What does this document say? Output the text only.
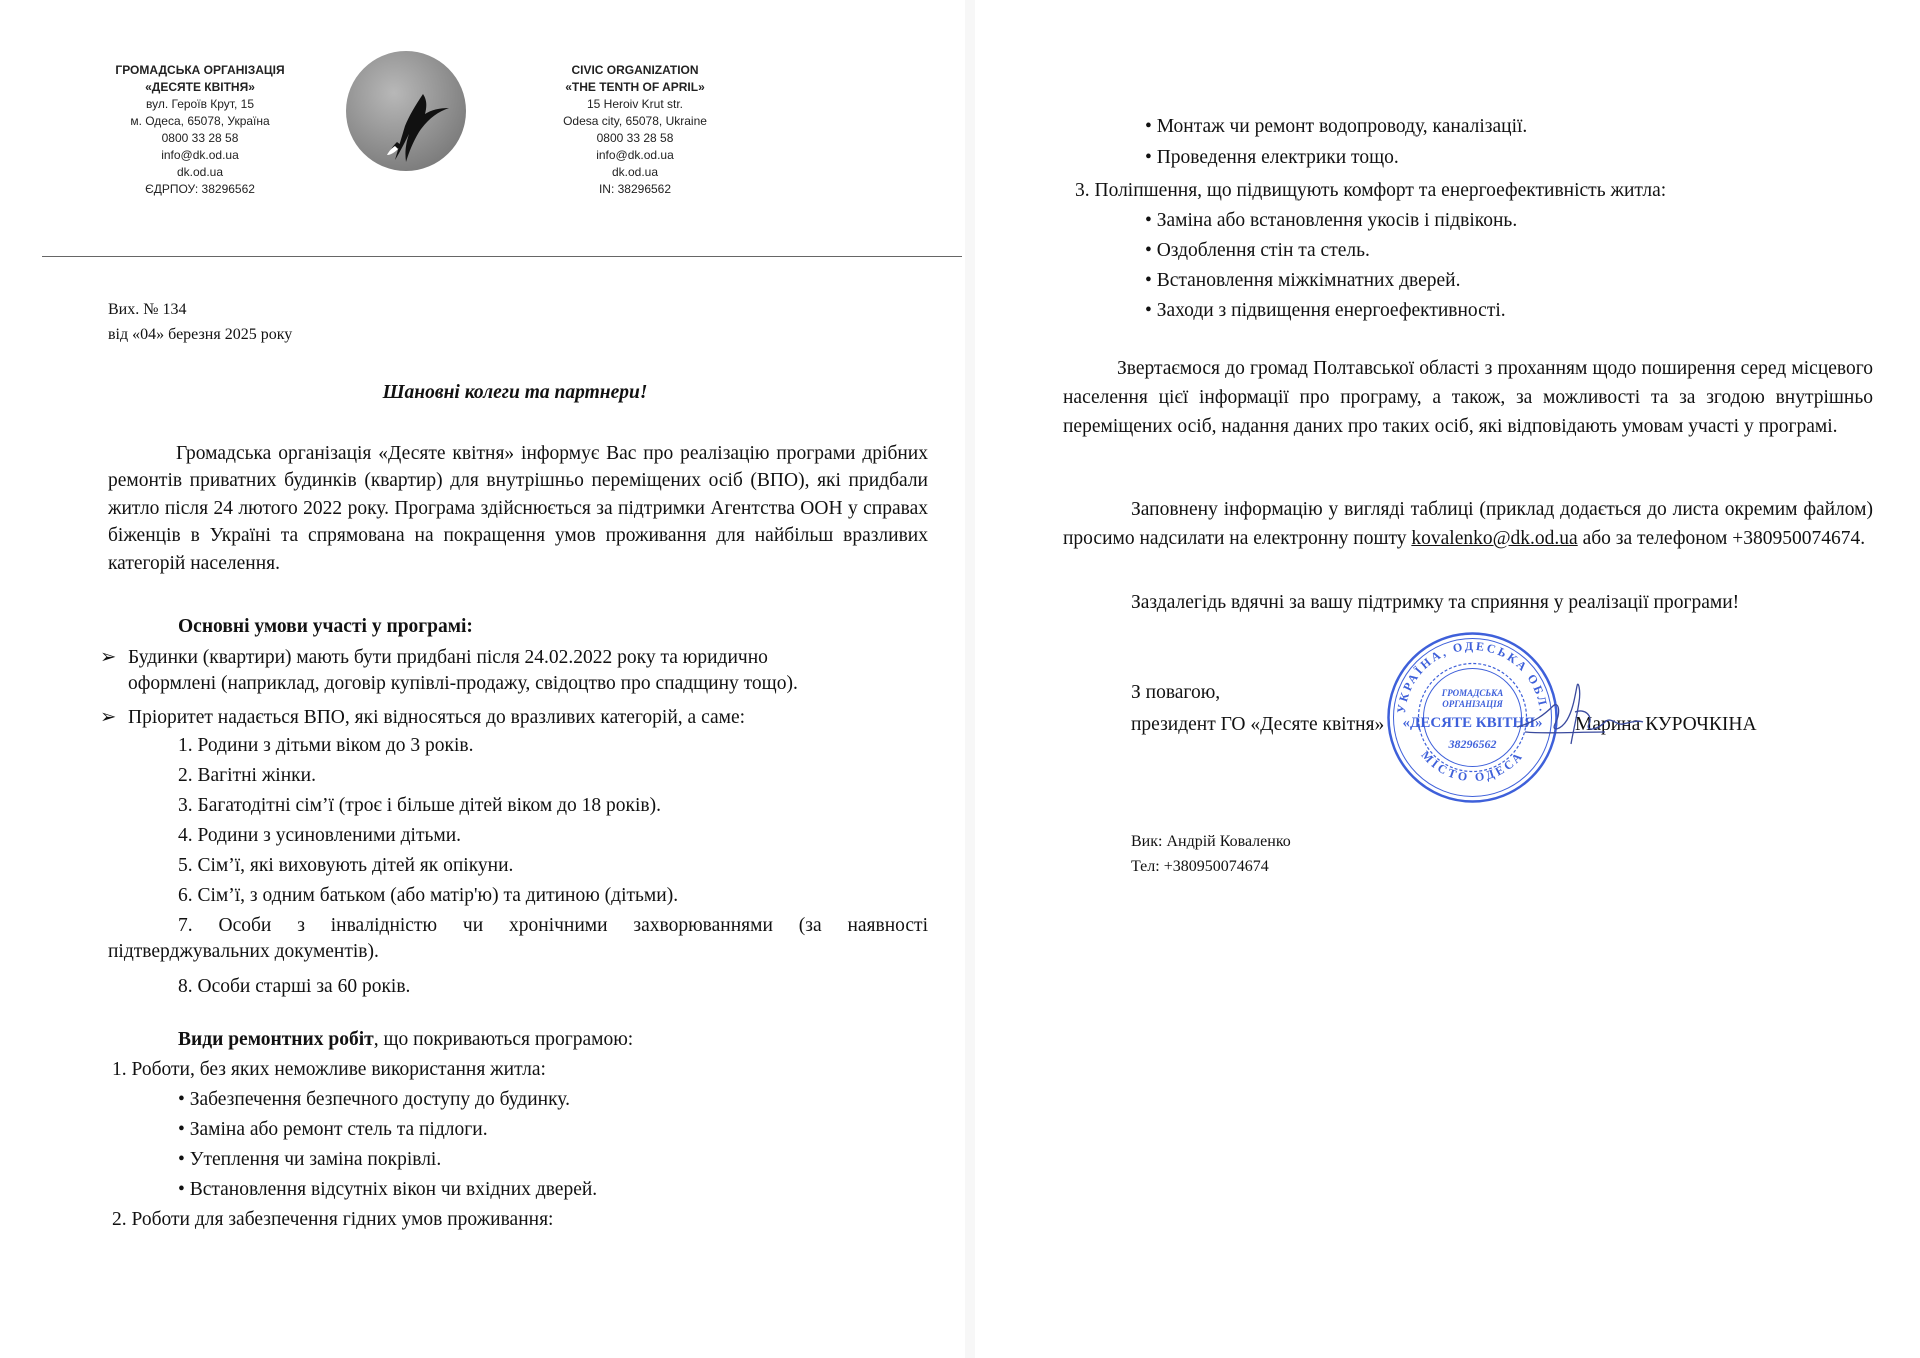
ГРОМАДСЬКА ОРГАНІЗАЦІЯ
«ДЕСЯТЕ КВІТНЯ»
вул. Героїв Крут, 15
м. Одеса, 65078, Україна
0800 33 28 58
info@dk.od.ua
dk.od.ua
ЄДРПОУ: 38296562
CIVIC ORGANIZATION
«THE TENTH OF APRIL»
15 Heroiv Krut str.
Odesa city, 65078, Ukraine
0800 33 28 58
info@dk.od.ua
dk.od.ua
IN: 38296562
Вих. № 134
від «04» березня 2025 року
Шановні колеги та партнери!
Громадська організація «Десяте квітня» інформує Вас про реалізацію програми дрібних ремонтів приватних будинків (квартир) для внутрішньо переміщених осіб (ВПО), які придбали житло після 24 лютого 2022 року. Програма здійснюється за підтримки Агентства ООН у справах біженців в Україні та спрямована на покращення умов проживання для найбільш вразливих категорій населення.
Основні умови участі у програмі:
➢ Будинки (квартири) мають бути придбані після 24.02.2022 року та юридично
оформлені (наприклад, договір купівлі-продажу, свідоцтво про спадщину тощо).
➢ Пріоритет надається ВПО, які відносяться до вразливих категорій, а саме:
1. Родини з дітьми віком до 3 років.
2. Вагітні жінки.
3. Багатодітні сім’ї (троє і більше дітей віком до 18 років).
4. Родини з усиновленими дітьми.
5. Сім’ї, які виховують дітей як опікуни.
6. Сім’ї, з одним батьком (або матір'ю) та дитиною (дітьми).
7. Особи з інвалідністю чи хронічними захворюваннями (за наявності
підтверджувальних документів).
8. Особи старші за 60 років.
Види ремонтних робіт, що покриваються програмою:
1. Роботи, без яких неможливе використання житла:
• Забезпечення безпечного доступу до будинку.
• Заміна або ремонт стель та підлоги.
• Утеплення чи заміна покрівлі.
• Встановлення відсутніх вікон чи вхідних дверей.
2. Роботи для забезпечення гідних умов проживання:
• Монтаж чи ремонт водопроводу, каналізації.
• Проведення електрики тощо.
3. Поліпшення, що підвищують комфорт та енергоефективність житла:
• Заміна або встановлення укосів і підвіконь.
• Оздоблення стін та стель.
• Встановлення міжкімнатних дверей.
• Заходи з підвищення енергоефективності.
Звертаємося до громад Полтавської області з проханням щодо поширення серед місцевого населення цієї інформації про програму, а також, за можливості та за згодою внутрішньо переміщених осіб, надання даних про таких осіб, які відповідають умовам участі у програмі.
Заповнену інформацію у вигляді таблиці (приклад додається до листа окремим файлом) просимо надсилати на електронну пошту kovalenko@dk.od.ua або за телефоном +380950074674.
Заздалегідь вдячні за вашу підтримку та сприяння у реалізації програми!
З повагою,
президент ГО «Десяте квітня»	Марина КУРОЧКІНА
УКРАЇНА, ОДЕСЬКА ОБЛ.
МІСТО ОДЕСА
ГРОМАДСЬКА
ОРГАНІЗАЦІЯ
«ДЕСЯТЕ КВІТНЯ»
38296562
Вик: Андрій Коваленко
Тел: +380950074674
